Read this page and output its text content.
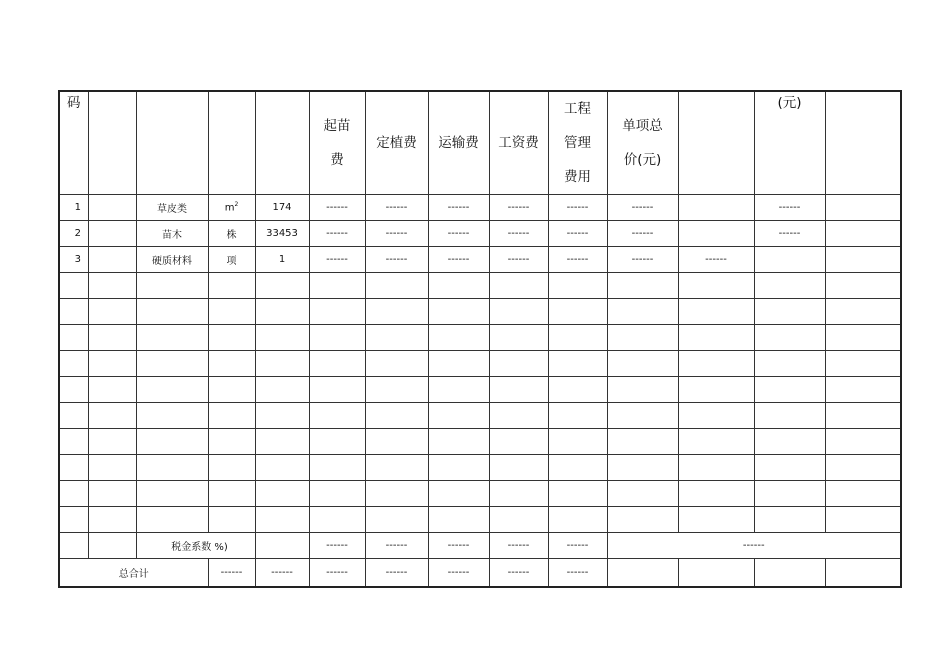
码					起苗
费	定植费	运输费	工资费	工程
管理
费用	单项总
价(元)		(元)	
1		草皮类	$m^2$	174	------	------	------	------	------	------		------	
2		苗木	株	33453	------	------	------	------	------	------		------	
3		硬质材料	项	1	------	------	------	------	------	------	------		

		税金系数 %)			------	------	------	------	------	------			
总合计			------	------	------	------	------	------	------				
